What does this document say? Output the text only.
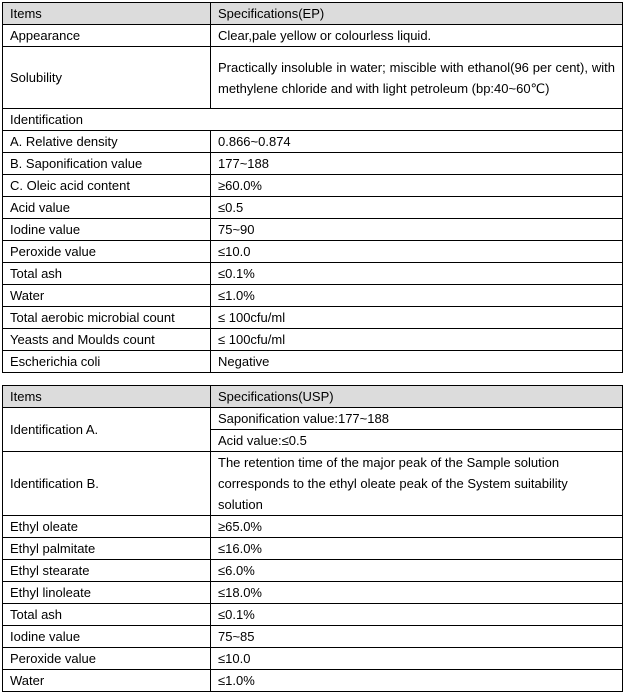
Items	Specifications(EP)
Appearance	Clear,pale yellow or colourless liquid.
Solubility	Practically insoluble in water; miscible with ethanol(96 per cent), with methylene chloride and with light petroleum (bp:40~60℃)
Identification	
A. Relative density	0.866~0.874
B. Saponification value	177~188
C. Oleic acid content	≥60.0%
Acid value	≤0.5
Iodine value	75~90
Peroxide value	≤10.0
Total ash	≤0.1%
Water	≤1.0%
Total aerobic microbial count	≤ 100cfu/ml
Yeasts and Moulds count	≤ 100cfu/ml
Escherichia coli	Negative
Items	Specifications(USP)
Identification A.	Saponification value:177~188
	Acid value:≤0.5
Identification B.	The retention time of the major peak of the Sample solution corresponds to the ethyl oleate peak of the System suitability solution
Ethyl oleate	≥65.0%
Ethyl palmitate	≤16.0%
Ethyl stearate	≤6.0%
Ethyl linoleate	≤18.0%
Total ash	≤0.1%
Iodine value	75~85
Peroxide value	≤10.0
Water	≤1.0%
